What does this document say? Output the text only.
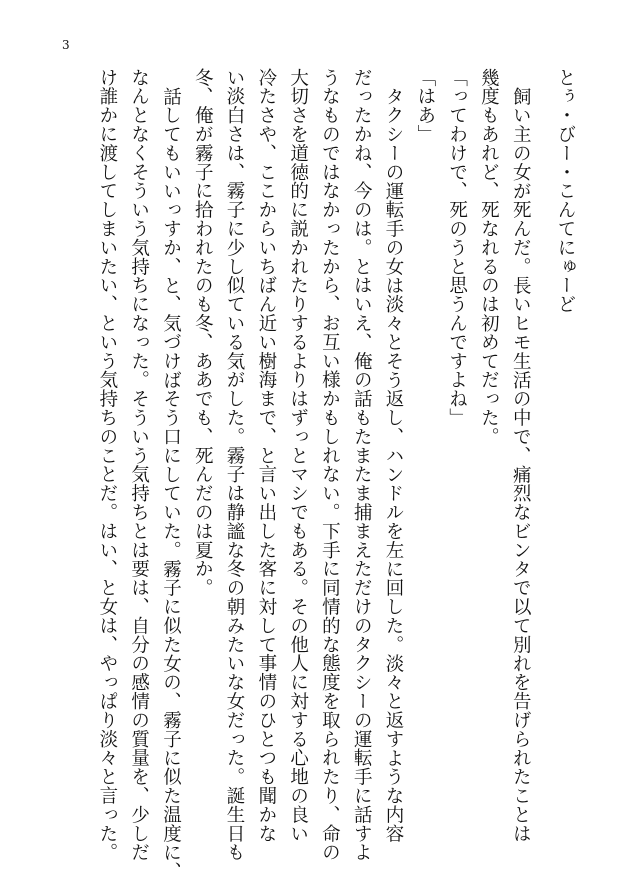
3

とぅ・びー・こんてにゅーど

飼い主の女が死んだ。長いヒモ生活の中で、痛烈なビンタで以て別れを告げられたことは

幾度もあれど、死なれるのは初めてだった。

「ってわけで、死のうと思うんですよね」

「はあ」

タクシーの運転手の女は淡々とそう返し、ハンドルを左に回した。淡々と返すような内容

だったかね、今のは。とはいえ、俺の話もたまたま捕まえただけのタクシーの運転手に話すよ

うなものではなかったから、お互い様かもしれない。下手に同情的な態度を取られたり、命の

大切さを道徳的に説かれたりするよりはずっとマシでもある。その他人に対する心地の良い

冷たさや、ここからいちばん近い樹海まで、と言い出した客に対して事情のひとつも聞かな

い淡白さは、霧子に少し似ている気がした。霧子は静謐な冬の朝みたいな女だった。誕生日も

冬、俺が霧子に拾われたのも冬、ああでも、死んだのは夏か。

話してもいいっすか、と、気づけばそう口にしていた。霧子に似た女の、霧子に似た温度に、

なんとなくそういう気持ちになった。そういう気持ちとは要は、自分の感情の質量を、少しだ

け誰かに渡してしまいたい、という気持ちのことだ。はい、と女は、やっぱり淡々と言った。
